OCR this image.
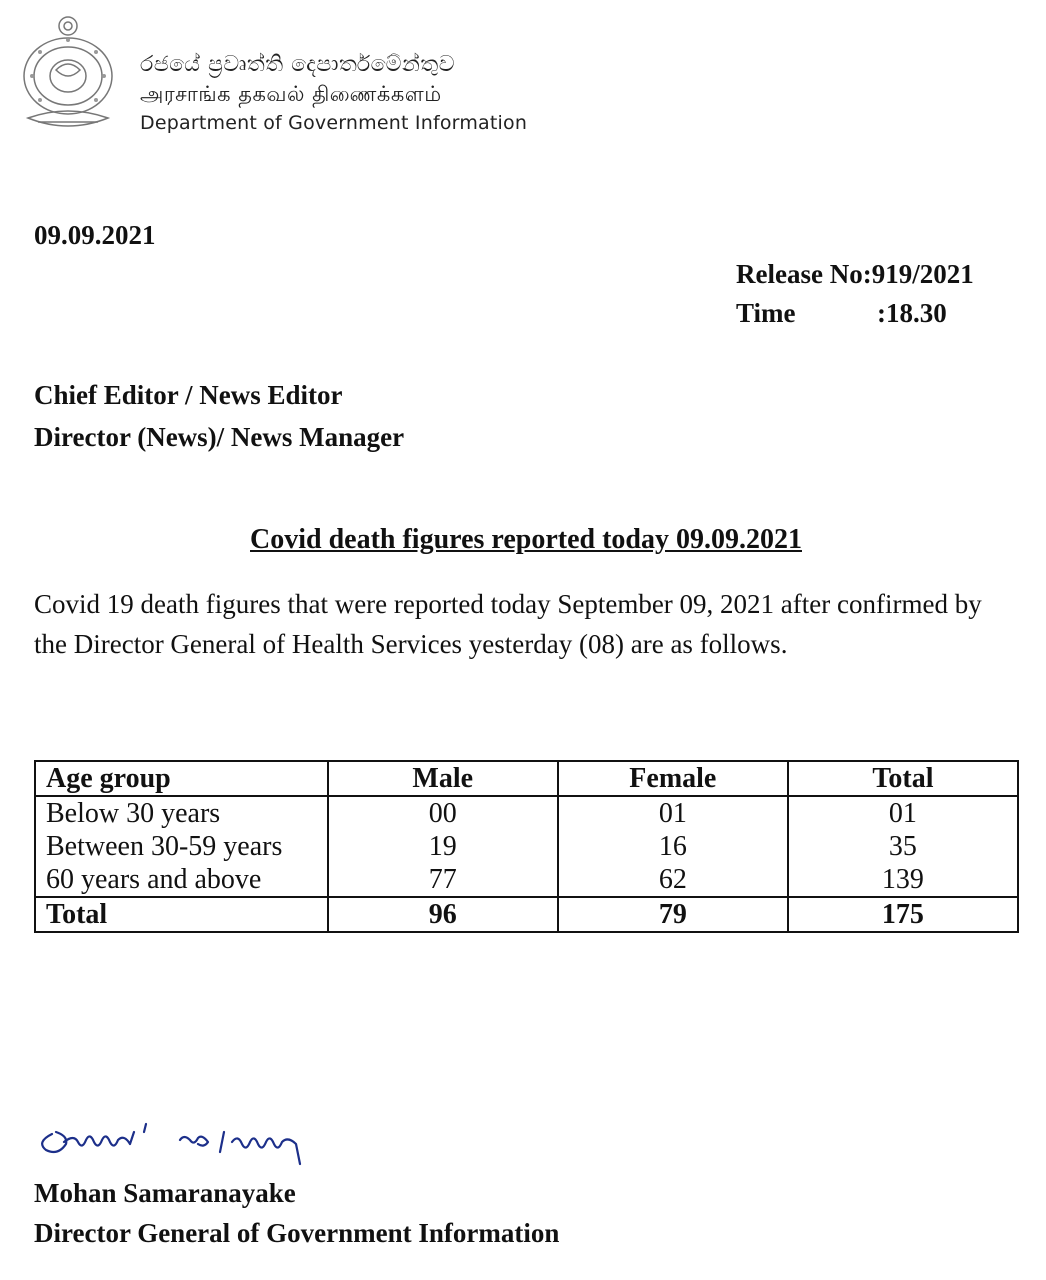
රජයේ ප්‍රවෘත්ති දෙපාර්තමේන්තුව
அரசாங்க தகவல் திணைக்களம்
Department of Government Information
09.09.2021
Release No:919/2021
Time	:18.30
Chief Editor / News Editor
Director (News)/ News Manager
Covid death figures reported today 09.09.2021
Covid 19 death figures that were reported today September 09, 2021 after confirmed by the Director General of Health Services yesterday (08) are as follows.
Age group	Male	Female	Total
Below 30 years	00	01	01
Between 30-59 years	19	16	35
60 years and above	77	62	139
Total	96	79	175
Mohan Samaranayake
Director General of Government Information
